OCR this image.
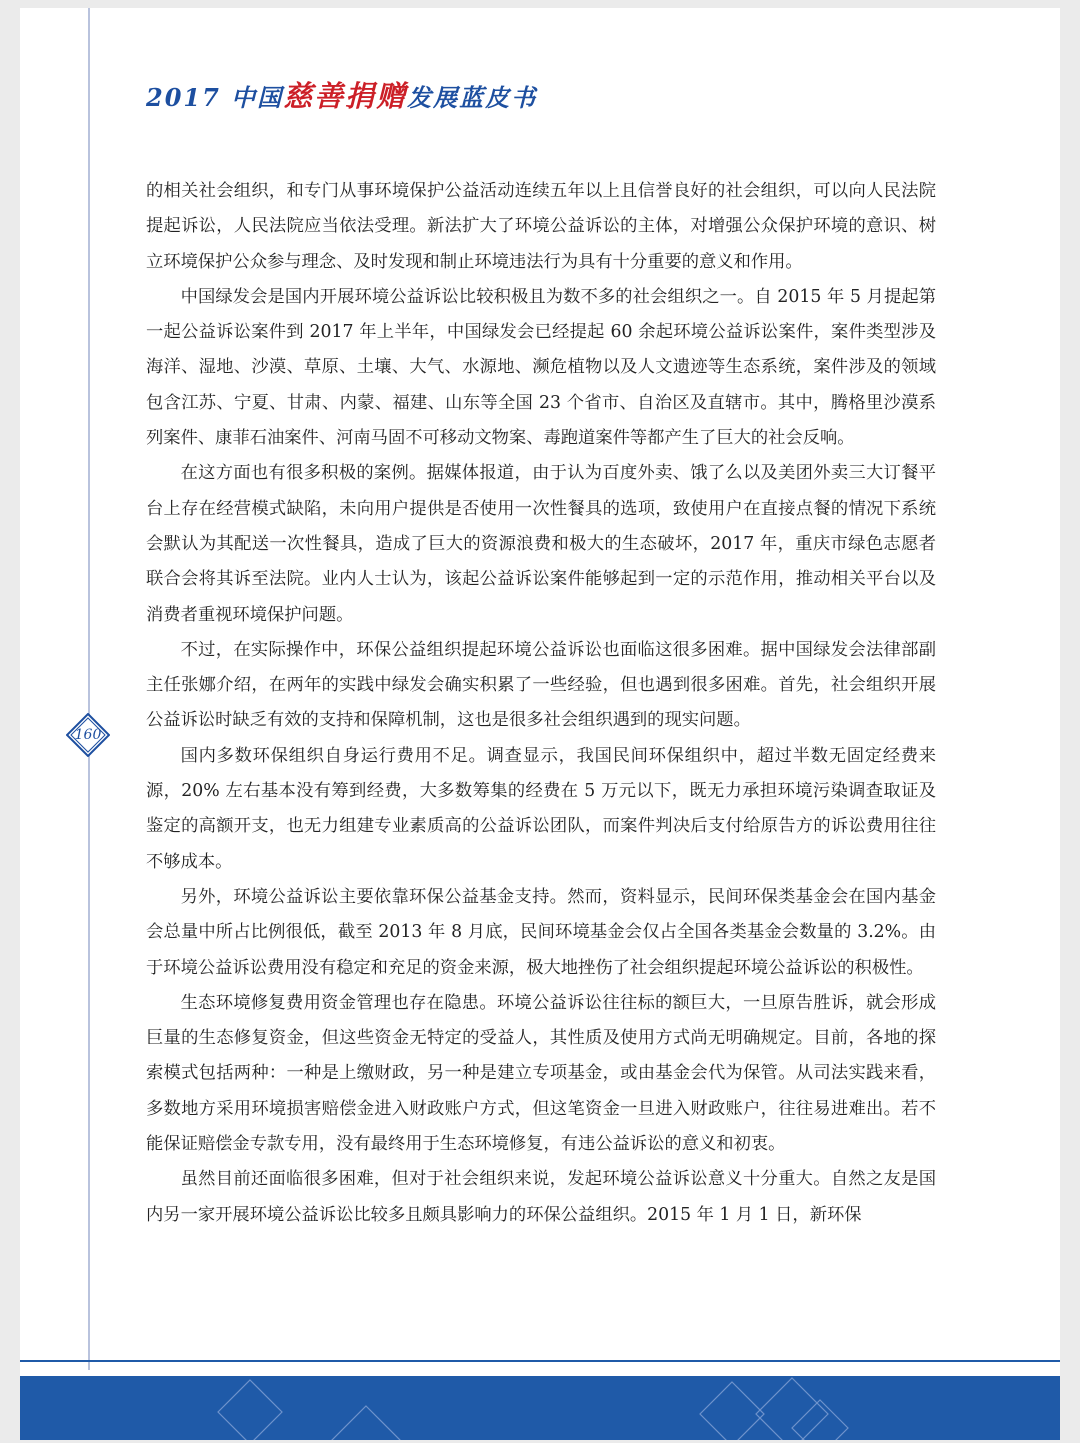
2017 中国慈善捐赠发展蓝皮书

的相关社会组织，和专门从事环境保护公益活动连续五年以上且信誉良好的社会组织，可以向人民法院提起诉讼，人民法院应当依法受理。新法扩大了环境公益诉讼的主体，对增强公众保护环境的意识、树立环境保护公众参与理念、及时发现和制止环境违法行为具有十分重要的意义和作用。

中国绿发会是国内开展环境公益诉讼比较积极且为数不多的社会组织之一。自 2015 年 5 月提起第一起公益诉讼案件到 2017 年上半年，中国绿发会已经提起 60 余起环境公益诉讼案件，案件类型涉及海洋、湿地、沙漠、草原、土壤、大气、水源地、濒危植物以及人文遗迹等生态系统，案件涉及的领域包含江苏、宁夏、甘肃、内蒙、福建、山东等全国 23 个省市、自治区及直辖市。其中，腾格里沙漠系列案件、康菲石油案件、河南马固不可移动文物案、毒跑道案件等都产生了巨大的社会反响。

在这方面也有很多积极的案例。据媒体报道，由于认为百度外卖、饿了么以及美团外卖三大订餐平台上存在经营模式缺陷，未向用户提供是否使用一次性餐具的选项，致使用户在直接点餐的情况下系统会默认为其配送一次性餐具，造成了巨大的资源浪费和极大的生态破坏，2017 年，重庆市绿色志愿者联合会将其诉至法院。业内人士认为，该起公益诉讼案件能够起到一定的示范作用，推动相关平台以及消费者重视环境保护问题。

不过，在实际操作中，环保公益组织提起环境公益诉讼也面临这很多困难。据中国绿发会法律部副主任张娜介绍，在两年的实践中绿发会确实积累了一些经验，但也遇到很多困难。首先，社会组织开展公益诉讼时缺乏有效的支持和保障机制，这也是很多社会组织遇到的现实问题。

国内多数环保组织自身运行费用不足。调查显示，我国民间环保组织中，超过半数无固定经费来源，20% 左右基本没有筹到经费，大多数筹集的经费在 5 万元以下，既无力承担环境污染调查取证及鉴定的高额开支，也无力组建专业素质高的公益诉讼团队，而案件判决后支付给原告方的诉讼费用往往不够成本。

另外，环境公益诉讼主要依靠环保公益基金支持。然而，资料显示，民间环保类基金会在国内基金会总量中所占比例很低，截至 2013 年 8 月底，民间环境基金会仅占全国各类基金会数量的 3.2%。由于环境公益诉讼费用没有稳定和充足的资金来源，极大地挫伤了社会组织提起环境公益诉讼的积极性。

生态环境修复费用资金管理也存在隐患。环境公益诉讼往往标的额巨大，一旦原告胜诉，就会形成巨量的生态修复资金，但这些资金无特定的受益人，其性质及使用方式尚无明确规定。目前，各地的探索模式包括两种：一种是上缴财政，另一种是建立专项基金，或由基金会代为保管。从司法实践来看，多数地方采用环境损害赔偿金进入财政账户方式，但这笔资金一旦进入财政账户，往往易进难出。若不能保证赔偿金专款专用，没有最终用于生态环境修复，有违公益诉讼的意义和初衷。

虽然目前还面临很多困难，但对于社会组织来说，发起环境公益诉讼意义十分重大。自然之友是国内另一家开展环境公益诉讼比较多且颇具影响力的环保公益组织。2015 年 1 月 1 日，新环保

160
